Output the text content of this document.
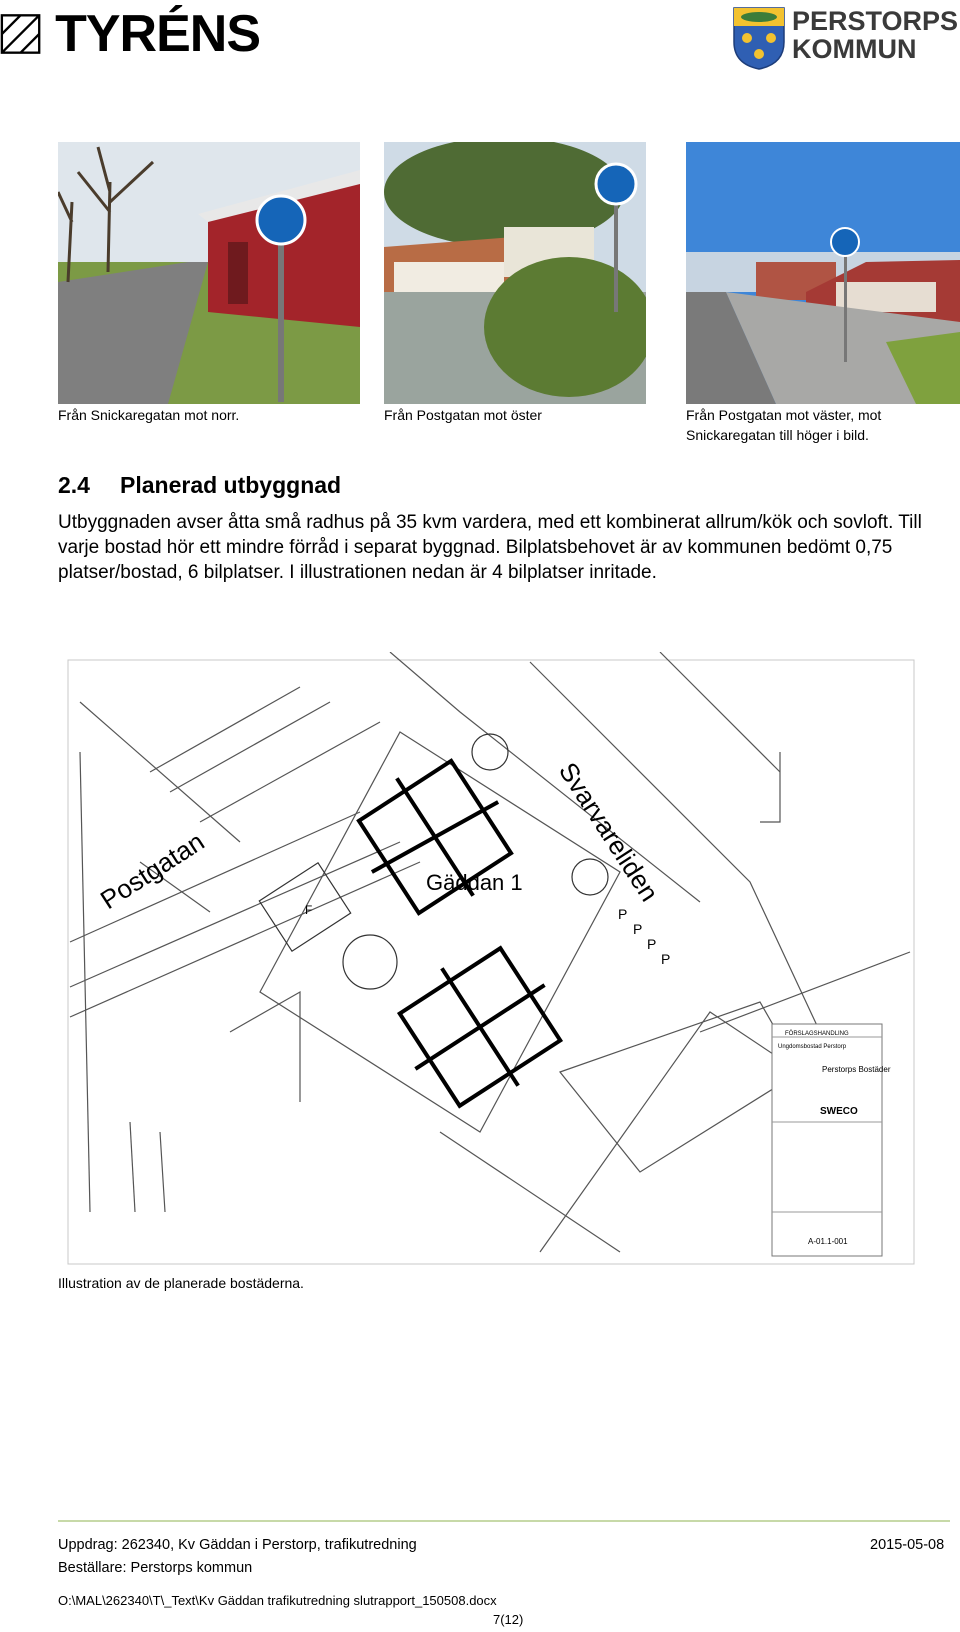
TYRÉNS	PERSTORPS
KOMMUN
Från Snickaregatan mot norr.	Från Postgatan mot öster	Från Postgatan mot väster, mot
Snickaregatan till höger i bild.
2.4 Planerad utbyggnad
Utbyggnaden avser åtta små radhus på 35 kvm vardera, med ett kombinerat allrum/kök och sovloft. Till varje bostad hör ett mindre förråd i separat byggnad. Bilplatsbehovet är av kommunen bedömt 0,75 platser/bostad, 6 bilplatser. I illustrationen nedan är 4 bilplatser inritade.
Postgatan	Svarvareliden
Gäddan 1
F	P
P
P
P
FÖRSLAGSHANDLING
Ungdomsbostad Perstorp
Perstorps Bostäder
SWECO
A-01.1-001
Illustration av de planerade bostäderna.
Uppdrag: 262340, Kv Gäddan i Perstorp, trafikutredning	2015-05-08
Beställare: Perstorps kommun
O:\MAL\262340\T\_Text\Kv Gäddan trafikutredning slutrapport_150508.docx
7(12)
